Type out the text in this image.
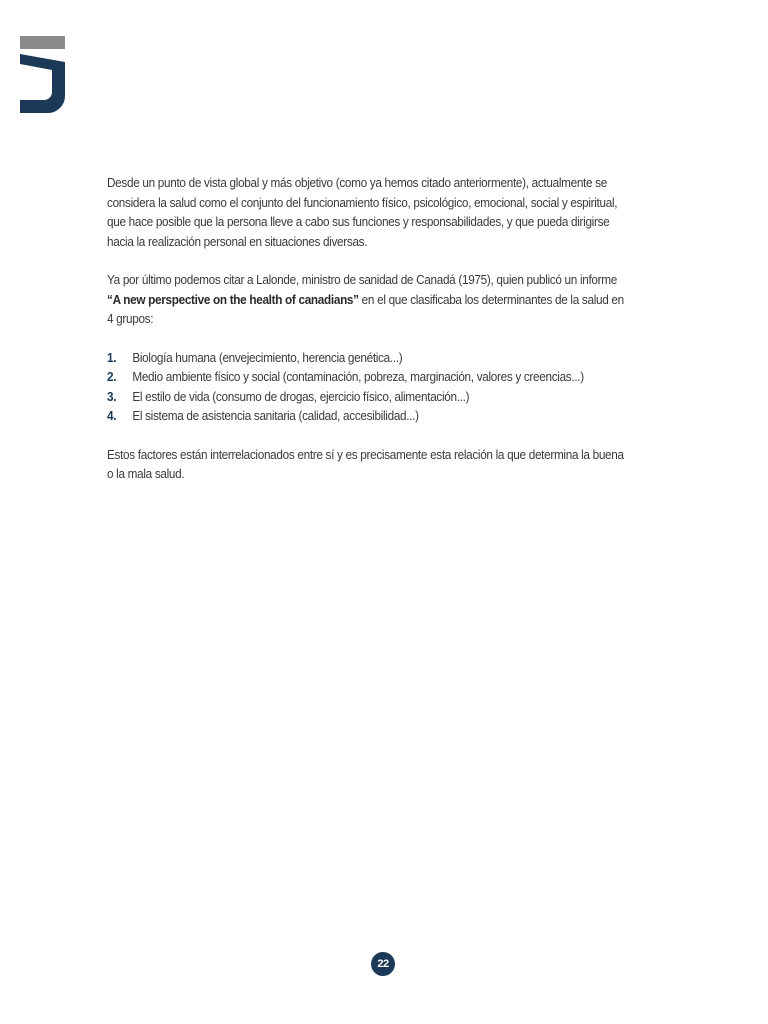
Desde un punto de vista global y más objetivo (como ya hemos citado anteriormente), actualmente se considera la salud como el conjunto del funcionamiento físico, psicológico, emocional, social y espiritual, que hace posible que la persona lleve a cabo sus funciones y responsabilidades, y que pueda dirigirse hacia la realización personal en situaciones diversas.

Ya por último podemos citar a Lalonde, ministro de sanidad de Canadá (1975), quien publicó un informe “A new perspective on the health of canadians” en el que clasificaba los determinantes de la salud en 4 grupos:

1.	Biología humana (envejecimiento, herencia genética...)
2.	Medio ambiente físico y social (contaminación, pobreza, marginación, valores y creencias...)
3.	El estilo de vida (consumo de drogas, ejercicio físico, alimentación...)
4.	El sistema de asistencia sanitaria (calidad, accesibilidad...)

Estos factores están interrelacionados entre sí y es precisamente esta relación la que determina la buena o la mala salud.

22
